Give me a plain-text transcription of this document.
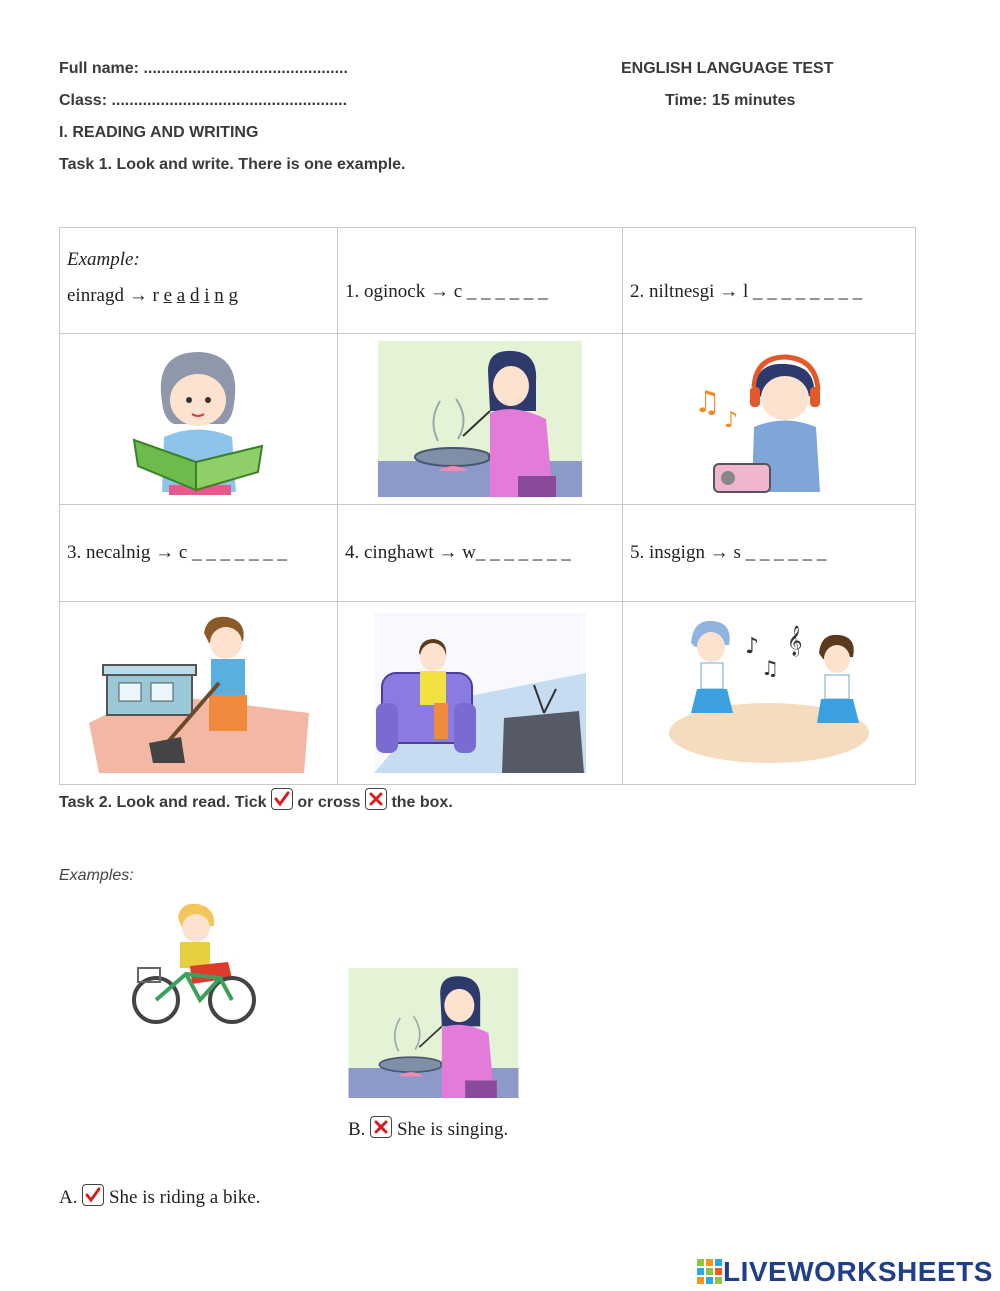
Full name: ..............................................
Class: .....................................................
ENGLISH LANGUAGE TEST
Time: 15 minutes
I. READING AND WRITING
Task 1. Look and write. There is one example.
Example:
einragd → r e a d i n g	1. oginock → c _ _ _ _ _ _	2. niltnesgi → l _ _ _ _ _ _ _ _

♫
♪

3. necalnig → c _ _ _ _ _ _ _	4. cinghawt → w_ _ _ _ _ _ _	5. insgign → s _ _ _ _ _ _

♪
♫
𝄞
Task 2. Look and read. Tick or cross ☒ the box.
Examples:
B. ☒ She is singing.
A. She is riding a bike.
LIVEWORKSHEETS
